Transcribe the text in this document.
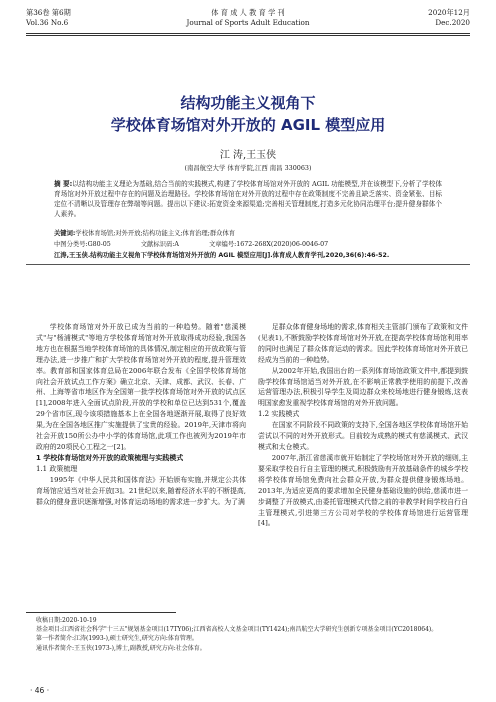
第36卷 第6期
Vol.36 No.6
体 育 成 人 教 育 学 刊
Journal of Sports Adult Education
2020年12月
Dec.2020
结构功能主义视角下
学校体育场馆对外开放的 AGIL 模型应用
江 涛,王玉侠
(南昌航空大学 体育学院,江西 南昌 330063)
摘 要:以结构功能主义理论为基础,结合当前的实践模式,构建了学校体育场馆对外开放的 AGIL 功能模型,并在该模型下,分析了学校体育场馆对外开放过程中存在的问题及治理路径。学校体育场馆在对外开放的过程中存在政策制度不完善且缺乏落实、资金紧张、目标定位不清晰以及管理存在弊端等问题。提出以下建议:拓宽资金来源渠道;完善相关管理制度,打造多元化协同治理平台;提升健身群体个人素养。
关键词:学校体育场馆;对外开放;结构功能主义;体育治理;群众体育
中图分类号:G80-05	文献标识码:A	文章编号:1672-268X(2020)06-0046-07
江涛,王玉侠.结构功能主义视角下学校体育场馆对外开放的 AGIL 模型应用[J].体育成人教育学刊,2020,36(6):46-52.

学校体育场馆对外开放已成为当前的一种趋势。随着"慈溪模式"与"杨浦模式"等地方学校体育场馆对外开放取得成功经验,我国各地方也在根据当地学校体育场馆的具体情况,制定相应的开放政策与管理办法,进一步推广和扩大学校体育场馆对外开放的程度,提升管理效率。教育部和国家体育总局在2006年联合发布《全国学校体育场馆向社会开放试点工作方案》确立北京、天津、成都、武汉、长春、广州、上海等省市地区作为全国第一批学校体育场馆对外开放的试点区[1],2008年进入全面试点阶段,开放的学校和单位已达到531个,覆盖29个省市区,现今该项措施基本上在全国各地逐渐开展,取得了良好效果,为在全国各地区推广实施提供了宝贵的经验。2019年,天津市将向社会开放150所公办中小学的体育场馆,此项工作也被列为2019年市政府的20项民心工程之一[2]。

1 学校体育场馆对外开放的政策梳理与实践模式
1.1 政策梳理

1995年《中华人民共和国体育法》开始颁布实施,并规定公共体育场馆应适当对社会开放[3]。21世纪以来,随着经济水平的不断提高,群众的健身意识逐渐增强,对体育运动场地的需求进一步扩大。为了满

足群众体育健身场地的需求,体育相关主管部门颁布了政策和文件(见表1),不断鼓励学校体育场馆对外开放,在提高学校体育场馆利用率的同时也满足了群众体育运动的需求。因此学校体育场馆对外开放已经成为当前的一种趋势。

从2002年开始,我国出台的一系列体育场馆政策文件中,都提到鼓励学校体育场馆适当对外开放,在不影响正常教学使用的前提下,改善运营管理办法,积极引导学生及周边群众来校场地进行健身锻炼,这表明国家愈发重视学校体育场馆的对外开放问题。

1.2 实践模式

在国家不同阶段不同政策的支持下,全国各地区学校体育场馆开始尝试以不同的对外开放形式。目前较为成熟的模式有慈溪模式、武汉模式和太仓模式。

2007年,浙江省慈溪市就开始制定了学校场馆对外开放的细则,主要采取学校自行自主管理的模式,积极鼓励有开放基础条件的城乡学校将学校体育场馆免费向社会群众开放,为群众提供健身锻炼场地。2013年,为适应更高的要求增加全民健身基础设施的供给,慈溪市进一步调整了开放模式,由委托管理模式代替之前的非教学时间学校自行自主管理模式,引进第三方公司对学校的学校体育场馆进行运营管理[4]。

收稿日期:2020-10-19
基金项目:江西省社会科学"十三五"规划基金项目(17TY06);江西省高校人文基金项目(TY1424);南昌航空大学研究生创新专项基金项目(YC2018064)。
第一作者简介:江涛(1993-),硕士研究生,研究方向:体育管理。
通讯作者简介:王玉侠(1973-),博士,副教授,研究方向:社会体育。
· 46 ·
